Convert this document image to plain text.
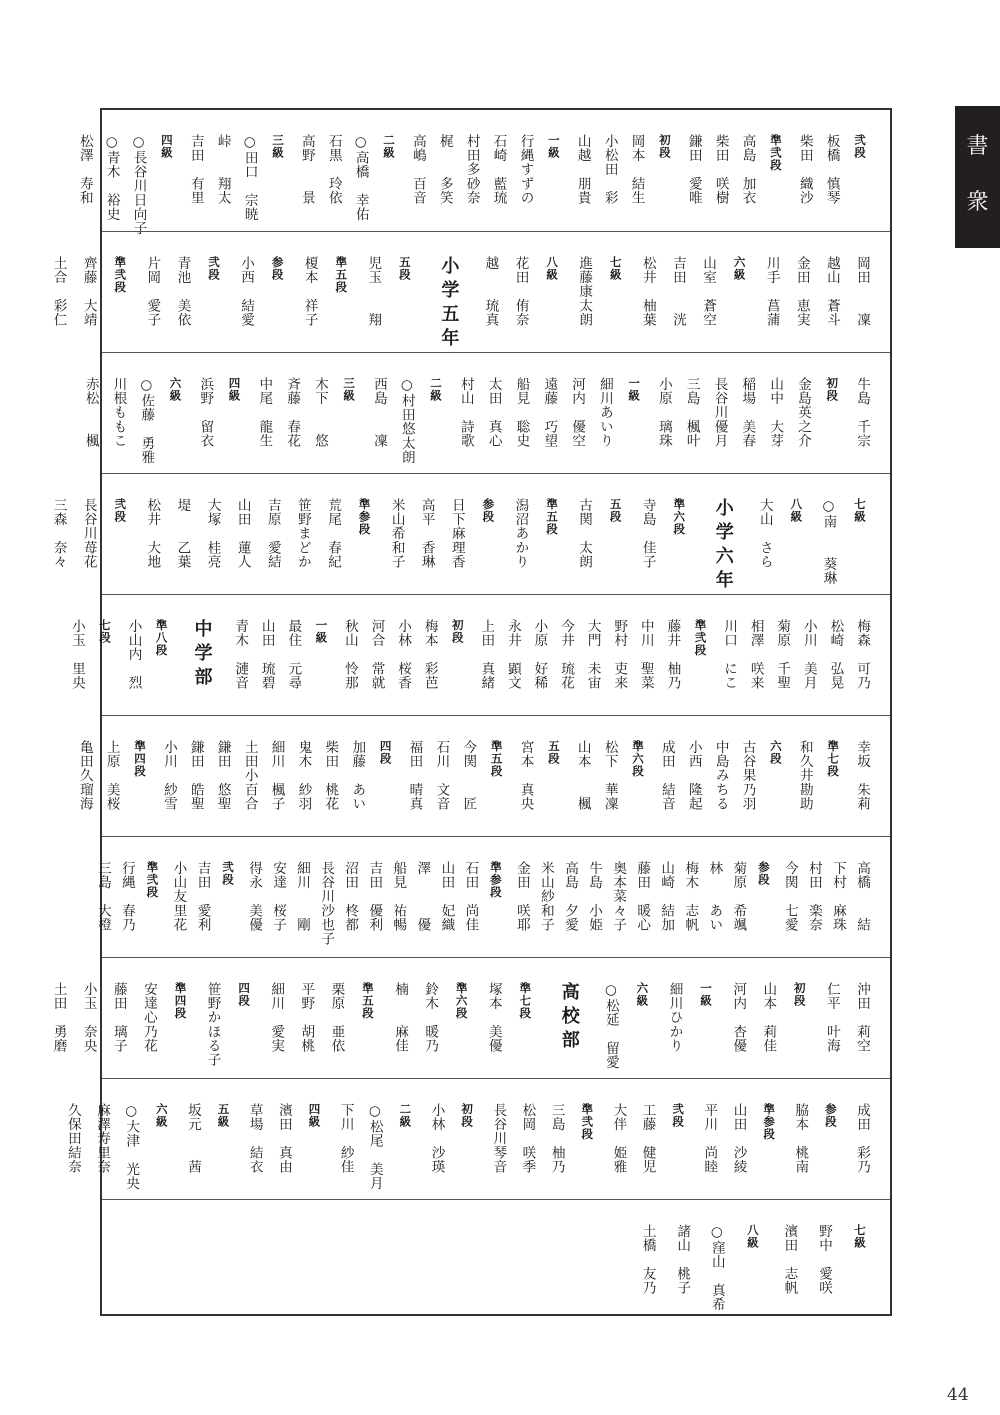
書
衆
弐段
板橋　慎琴
柴田　織沙
準弐段
高島　加衣
柴田　咲樹
鎌田　愛唯
初段
岡本　結生
小松田　彩
山越　朋貴
一級
行縄すずの
石崎　藍琉
村田多砂奈
梶　　多笑
高嶋　百音
二級
○高橋　幸佑
石黒　玲依
高野　　景
三級
○田口　宗暁
峠　　翔太
吉田　有里
四級
○長谷川日向子
○青木　裕史
松澤　寿和
岡田　　凜
越山　蒼斗
金田　恵実
川手　菖蒲
六級
山室　蒼空
吉田　　洸
松井　柚葉
七級
進藤康太朗
八級
花田　侑奈
越　　琉真
小学五年
五段
児玉　　翔
準五段
榎本　祥子
参段
小西　結愛
弐段
青池　美依
片岡　愛子
準弐段
齊藤　大靖
土合　彩仁
牛島　千宗
初段
金島英之介
山中　大芽
稲場　美春
長谷川優月
三島　楓叶
小原　璃珠
一級
細川あいり
河内　優空
遠藤　巧望
船見　聡史
太田　真心
村山　詩歌
二級
○村田悠太朗
西島　　凜
三級
木下　　悠
斉藤　春花
中尾　龍生
四級
浜野　留衣
六級
○佐藤　勇雅
川根ももこ
赤松　　楓
七級
○南　　葵琳
八級
大山　さら
小学六年
準六段
寺島　佳子
五段
古関　太朗
準五段
潟沼あかり
参段
日下麻理香
高平　香琳
米山希和子
準参段
荒尾　春紀
笹野まどか
吉原　愛結
山田　蓮人
大塚　桂亮
堤　　乙葉
松井　大地
弐段
長谷川苺花
三森　奈々
梅森　可乃
松崎　弘晃
小川　美月
菊原　千聖
相澤　咲来
川口　にこ
準弐段
藤井　柚乃
中川　聖菜
野村　吏来
大門　未宙
今井　琉花
小原　好稀
永井　顕文
上田　真緒
初段
梅本　彩芭
小林　桜香
河合　常就
秋山　怜那
一級
最住　元尋
山田　琉碧
青木　漣音
中学部
準八段
小山内　烈
七段
小玉　里央
幸坂　朱莉
準七段
和久井勘助
六段
古谷果乃羽
中島みちる
小西　隆起
成田　結音
準六段
松下　華凜
山本　　楓
五段
宮本　真央
準五段
今関　　匠
石川　文音
福田　晴真
四段
加藤　あい
柴田　桃花
鬼木　紗羽
細川　楓子
土田小百合
鎌田　悠聖
鎌田　皓聖
小川　紗雪
準四段
上原　美桜
亀田久瑠海
高橋　　結
下村　麻珠
村田　楽奈
今関　七愛
参段
菊原　希颯
林　　あい
梅木　志帆
山崎　結加
藤田　暖心
奥本菜々子
牛島　小姫
高島　夕愛
米山紗和子
金田　咲耶
準参段
石田　尚佳
山田　妃織
澤　　　優
船見　祐暢
吉田　優利
沼田　柊都
長谷川沙也子
細川　　剛
安達　桜子
得永　美優
弐段
吉田　愛利
小山友里花
準弐段
行縄　春乃
三島　大橙
沖田　莉空
仁平　叶海
初段
山本　莉佳
河内　杏優
一級
細川ひかり
六級
○松延　留愛
高校部
準七段
塚本　美優
準六段
鈴木　暖乃
楠　　麻佳
準五段
栗原　亜依
平野　胡桃
細川　愛実
四段
笹野かほる子
準四段
安達心乃花
藤田　璃子
小玉　奈央
土田　勇磨
成田　彩乃
参段
脇本　桃南
準参段
山田　沙綾
平川　尚睦
弐段
工藤　健児
大伴　姫雅
準弐段
三島　柚乃
松岡　咲季
長谷川琴音
初段
小林　沙瑛
二級
○松尾　美月
下川　紗佳
四級
濱田　真由
草場　結衣
五級
坂元　　茜
六級
○大津　光央
麻澤寿里奈
久保田結奈
七級
野中　愛咲
濱田　志帆
八級
○窪山　真希
諸山　桃子
土橋　友乃
44
